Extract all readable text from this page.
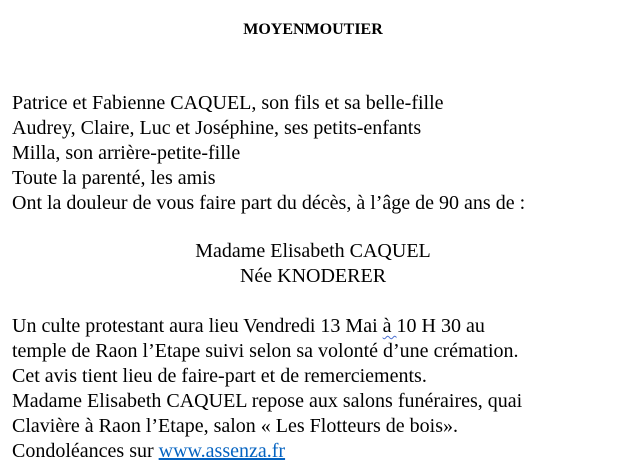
MOYENMOUTIER
Patrice et Fabienne CAQUEL, son fils et sa belle-fille
Audrey, Claire, Luc et Joséphine, ses petits-enfants
Milla, son arrière-petite-fille
Toute la parenté, les amis
Ont la douleur de vous faire part du décès, à l’âge de 90 ans de :
Madame Elisabeth CAQUEL
Née KNODERER
Un culte protestant aura lieu Vendredi 13 Mai à 10 H 30 au
temple de Raon l’Etape suivi selon sa volonté d’une crémation.
Cet avis tient lieu de faire-part et de remerciements.
Madame Elisabeth CAQUEL repose aux salons funéraires, quai
Clavière à Raon l’Etape, salon « Les Flotteurs de bois».
Condoléances sur www.assenza.fr
